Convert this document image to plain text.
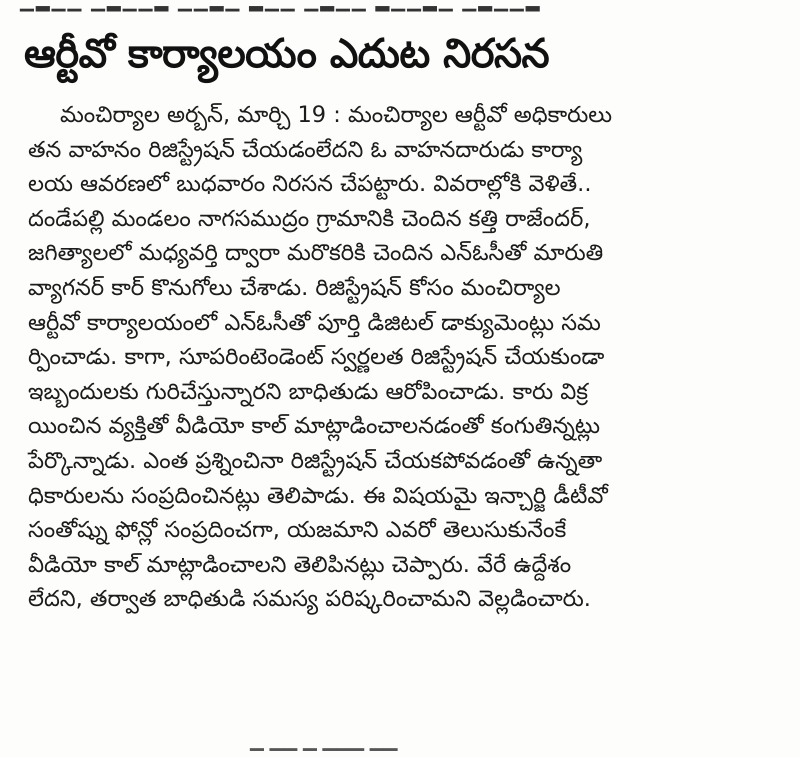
▁▂▁▁ ▁▂▁▁▂ ▁▁▂▁ ▂▁▁ ▁▂▁▁ ▂▁▁▂▁ ▁▂▁▁▂
ఆర్టీవో కార్యాలయం ఎదుట నిరసన
మంచిర్యాల అర్బన్, మార్చి 19 : మంచిర్యాల ఆర్టీవో అధికారులు
తన వాహనం రిజిస్ట్రేషన్ చేయడంలేదని ఓ వాహనదారుడు కార్యా
లయ ఆవరణలో బుధవారం నిరసన చేపట్టారు. వివరాల్లోకి వెళితే..
దండేపల్లి మండలం నాగసముద్రం గ్రామానికి చెందిన కత్తి రాజేందర్,
జగిత్యాలలో మధ్యవర్తి ద్వారా మరొకరికి చెందిన ఎన్ఓసీతో మారుతి
వ్యాగనర్ కార్ కొనుగోలు చేశాడు. రిజిస్ట్రేషన్ కోసం మంచిర్యాల
ఆర్టీవో కార్యాలయంలో ఎన్ఓసీతో పూర్తి డిజిటల్ డాక్యుమెంట్లు సమ
ర్పించాడు. కాగా, సూపరింటెండెంట్ స్వర్ణలత రిజిస్ట్రేషన్ చేయకుండా
ఇబ్బందులకు గురిచేస్తున్నారని బాధితుడు ఆరోపించాడు. కారు విక్ర
యించిన వ్యక్తితో వీడియో కాల్ మాట్లాడించాలనడంతో కంగుతిన్నట్లు
పేర్కొన్నాడు. ఎంత ప్రశ్నించినా రిజిస్ట్రేషన్ చేయకపోవడంతో ఉన్నతా
ధికారులను సంప్రదించినట్లు తెలిపాడు. ఈ విషయమై ఇన్చార్జి డీటీవో
సంతోష్ను ఫోన్లో సంప్రదించగా, యజమాని ఎవరో తెలుసుకునేంకే
వీడియో కాల్ మాట్లాడించాలని తెలిపినట్లు చెప్పారు. వేరే ఉద్దేశం
లేదని, తర్వాత బాధితుడి సమస్య పరిష్కరించామని వెల్లడించారు.
▔ ▔▔ ▔ ▔▔▔ ▔▔
